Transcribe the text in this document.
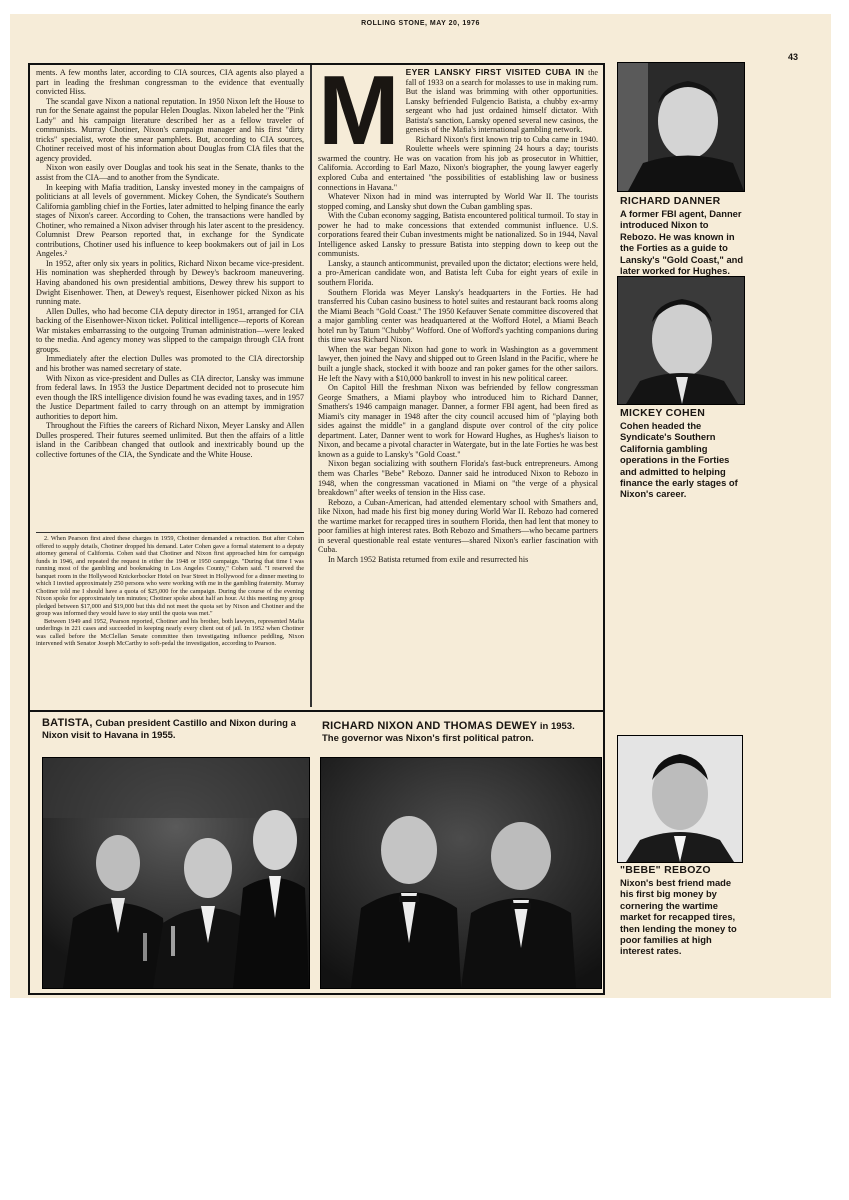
ROLLING STONE, MAY 20, 1976
43

ments. A few months later, according to CIA sources, CIA agents also played a part in leading the freshman congressman to the evidence that eventually convicted Hiss.

The scandal gave Nixon a national reputation. In 1950 Nixon left the House to run for the Senate against the popular Helen Douglas. Nixon labeled her the "Pink Lady" and his campaign literature described her as a fellow traveler of communists. Murray Chotiner, Nixon's campaign manager and his first "dirty tricks" specialist, wrote the smear pamphlets. But, according to CIA sources, Chotiner received most of his information about Douglas from CIA files that the agency provided.

Nixon won easily over Douglas and took his seat in the Senate, thanks to the assist from the CIA—and to another from the Syndicate.

In keeping with Mafia tradition, Lansky invested money in the campaigns of politicians at all levels of government. Mickey Cohen, the Syndicate's Southern California gambling chief in the Forties, later admitted to helping finance the early stages of Nixon's career. According to Cohen, the transactions were handled by Chotiner, who remained a Nixon adviser through his later ascent to the presidency. Columnist Drew Pearson reported that, in exchange for the Syndicate contributions, Chotiner used his influence to keep bookmakers out of jail in Los Angeles.²

In 1952, after only six years in politics, Richard Nixon became vice-president. His nomination was shepherded through by Dewey's backroom maneuvering. Having abandoned his own presidential ambitions, Dewey threw his support to Dwight Eisenhower. Then, at Dewey's request, Eisenhower picked Nixon as his running mate.

Allen Dulles, who had become CIA deputy director in 1951, arranged for CIA backing of the Eisenhower-Nixon ticket. Political intelligence—reports of Korean War mistakes embarrassing to the outgoing Truman administration—were leaked to the media. And agency money was slipped to the campaign through CIA front groups.

Immediately after the election Dulles was promoted to the CIA directorship and his brother was named secretary of state.

With Nixon as vice-president and Dulles as CIA director, Lansky was immune from federal laws. In 1953 the Justice Department decided not to prosecute him even though the IRS intelligence division found he was evading taxes, and in 1957 the Justice Department failed to carry through on an attempt by immigration authorities to deport him.

Throughout the Fifties the careers of Richard Nixon, Meyer Lansky and Allen Dulles prospered. Their futures seemed unlimited. But then the affairs of a little island in the Caribbean changed that outlook and inextricably bound up the collective fortunes of the CIA, the Syndicate and the White House.

2. When Pearson first aired these charges in 1959, Chotiner demanded a retraction. But after Cohen offered to supply details, Chotiner dropped his demand. Later Cohen gave a formal statement to a deputy attorney general of California. Cohen said that Chotiner and Nixon first approached him for campaign funds in 1946, and repeated the request in either the 1948 or 1950 campaign. "During that time I was running most of the gambling and bookmaking in Los Angeles County," Cohen said. "I reserved the banquet room in the Hollywood Knickerbocker Hotel on Ivar Street in Hollywood for a dinner meeting to which I invited approximately 250 persons who were working with me in the gambling fraternity. Murray Chotiner told me I should have a quota of $25,000 for the campaign. During the course of the evening Nixon spoke for approximately ten minutes; Chotiner spoke about half an hour. At this meeting my group pledged between $17,000 and $19,000 but this did not meet the quota set by Nixon and Chotiner and the group was informed they would have to stay until the quota was met."

Between 1949 and 1952, Pearson reported, Chotiner and his brother, both lawyers, represented Mafia underlings in 221 cases and succeeded in keeping nearly every client out of jail. In 1952 when Chotiner was called before the McClellan Senate committee then investigating influence peddling, Nixon intervened with Senator Joseph McCarthy to soft-pedal the investigation, according to Pearson.

M EYER LANSKY FIRST VISITED CUBA IN the fall of 1933 on a search for molasses to use in making rum. But the island was brimming with other opportunities. Lansky befriended Fulgencio Batista, a chubby ex-army sergeant who had just ordained himself dictator. With Batista's sanction, Lansky opened several new casinos, the genesis of the Mafia's international gambling network.

Richard Nixon's first known trip to Cuba came in 1940. Roulette wheels were spinning 24 hours a day; tourists swarmed the country. He was on vacation from his job as prosecutor in Whittier, California. According to Earl Mazo, Nixon's biographer, the young lawyer eagerly explored Cuba and entertained "the possibilities of establishing law or business connections in Havana."

Whatever Nixon had in mind was interrupted by World War II. The tourists stopped coming, and Lansky shut down the Cuban gambling spas.

With the Cuban economy sagging, Batista encountered political turmoil. To stay in power he had to make concessions that extended communist influence. U.S. corporations feared their Cuban investments might be nationalized. So in 1944, Naval Intelligence asked Lansky to pressure Batista into stepping down to keep out the communists.

Lansky, a staunch anticommunist, prevailed upon the dictator; elections were held, a pro-American candidate won, and Batista left Cuba for eight years of exile in southern Florida.

Southern Florida was Meyer Lansky's headquarters in the Forties. He had transferred his Cuban casino business to hotel suites and restaurant back rooms along the Miami Beach "Gold Coast." The 1950 Kefauver Senate committee discovered that a major gambling center was headquartered at the Wofford Hotel, a Miami Beach hotel run by Tatum "Chubby" Wofford. One of Wofford's yachting companions during this time was Richard Nixon.

When the war began Nixon had gone to work in Washington as a government lawyer, then joined the Navy and shipped out to Green Island in the Pacific, where he built a jungle shack, stocked it with booze and ran poker games for the other sailors. He left the Navy with a $10,000 bankroll to invest in his new political career.

On Capitol Hill the freshman Nixon was befriended by fellow congressman George Smathers, a Miami playboy who introduced him to Richard Danner, Smathers's 1946 campaign manager. Danner, a former FBI agent, had been fired as Miami's city manager in 1948 after the city council accused him of "playing both sides against the middle" in a gangland dispute over control of the city police department. Later, Danner went to work for Howard Hughes, as Hughes's liaison to Nixon, and became a pivotal character in Watergate, but in the late Forties he was best known as a guide to Lansky's "Gold Coast."

Nixon began socializing with southern Florida's fast-buck entrepreneurs. Among them was Charles "Bebe" Rebozo. Danner said he introduced Nixon to Rebozo in 1948, when the congressman vacationed in Miami on "the verge of a physical breakdown" after weeks of tension in the Hiss case.

Rebozo, a Cuban-American, had attended elementary school with Smathers and, like Nixon, had made his first big money during World War II. Rebozo had cornered the wartime market for recapped tires in southern Florida, then had lent that money to poor families at high interest rates. Both Rebozo and Smathers—who became partners in several questionable real estate ventures—shared Nixon's earlier fascination with Cuba.

In March 1952 Batista returned from exile and resurrected his

BATISTA, Cuban president Castillo and Nixon during a Nixon visit to Havana in 1955.
RICHARD NIXON AND THOMAS DEWEY in 1953.
The governor was Nixon's first political patron.
RICHARD DANNER
A former FBI agent, Danner introduced Nixon to Rebozo. He was known in the Forties as a guide to Lansky's "Gold Coast," and later worked for Hughes.
MICKEY COHEN
Cohen headed the Syndicate's Southern California gambling operations in the Forties and admitted to helping finance the early stages of Nixon's career.
"BEBE" REBOZO
Nixon's best friend made his first big money by cornering the wartime market for recapped tires, then lending the money to poor families at high interest rates.
